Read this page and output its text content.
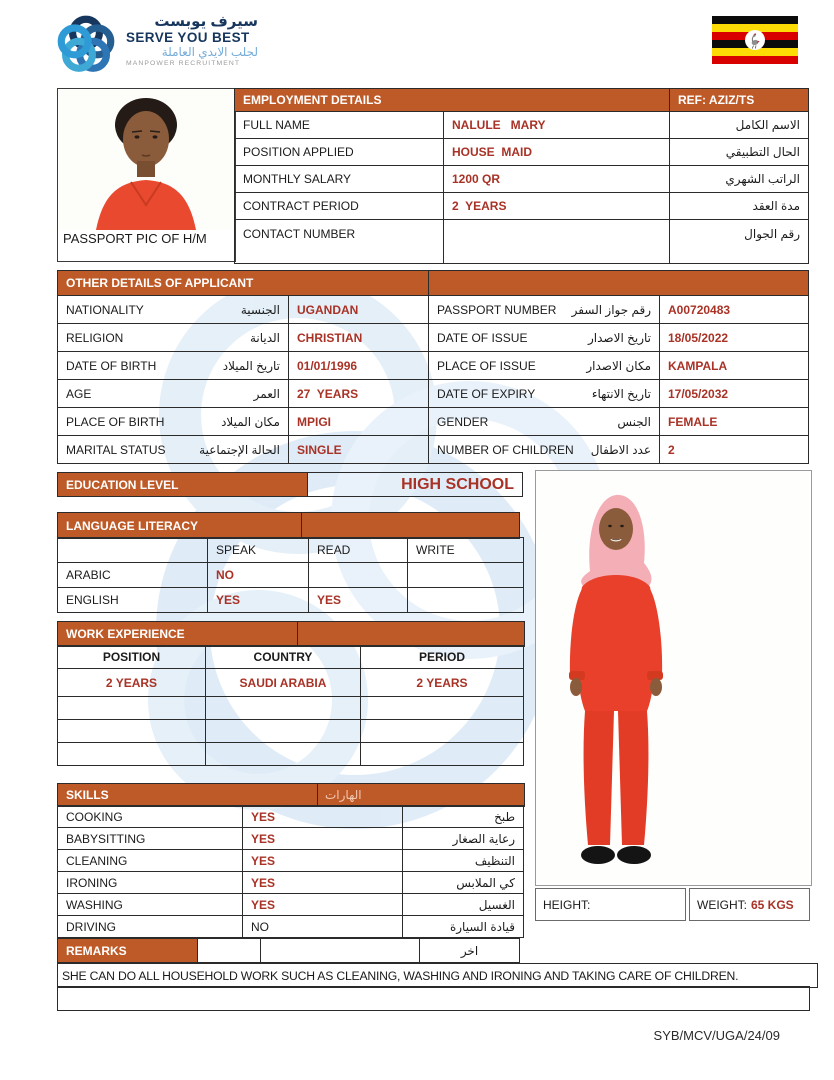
سيرف يوبست
SERVE YOU BEST
لجلب الايدي العاملة
MANPOWER RECRUITMENT
PASSPORT PIC OF H/M
EMPLOYMENT DETAILS		REF: AZIZ/TS
FULL NAME	NALULE   MARY	الاسم الكامل
POSITION APPLIED	HOUSE  MAID	الحال التطبيقي
MONTHLY SALARY	1200 QR	الراتب الشهري
CONTRACT PERIOD	2  YEARS	مدة العقد
CONTACT NUMBER		رقم الجوال
OTHER DETAILS OF APPLICANT			

NATIONALITY الجنسية	UGANDAN	PASSPORT NUMBER رقم جواز السفر	A00720483

RELIGION الديانة	CHRISTIAN	DATE OF ISSUE تاريخ الاصدار	18/05/2022

DATE OF BIRTH تاريخ الميلاد	01/01/1996	PLACE OF ISSUE مكان الاصدار	KAMPALA

AGE العمر	27  YEARS	DATE OF EXPIRY تاريخ الانتهاء	17/05/2032

PLACE OF BIRTH مكان الميلاد	MPIGI	GENDER الجنس	FEMALE

MARITAL STATUS الحالة الإجتماعية	SINGLE	NUMBER OF CHILDREN عدد الاطفال	2
EDUCATION LEVEL	HIGH SCHOOL
LANGUAGE LITERACY
	SPEAK	READ	WRITE
ARABIC	NO		
ENGLISH	YES	YES	
WORK EXPERIENCE
POSITION	COUNTRY	PERIOD
2 YEARS	SAUDI ARABIA	2 YEARS

SKILLS	الهارات
COOKING	YES	طبخ
BABYSITTING	YES	رعاية الصغار
CLEANING	YES	التنظيف
IRONING	YES	كي الملابس
WASHING	YES	الغسيل
DRIVING	NO	قيادة السيارة
HEIGHT:	WEIGHT: 65 KGS
REMARKS	اخر
SHE CAN DO ALL HOUSEHOLD WORK SUCH AS CLEANING, WASHING AND IRONING AND TAKING CARE OF CHILDREN.
SYB/MCV/UGA/24/09
